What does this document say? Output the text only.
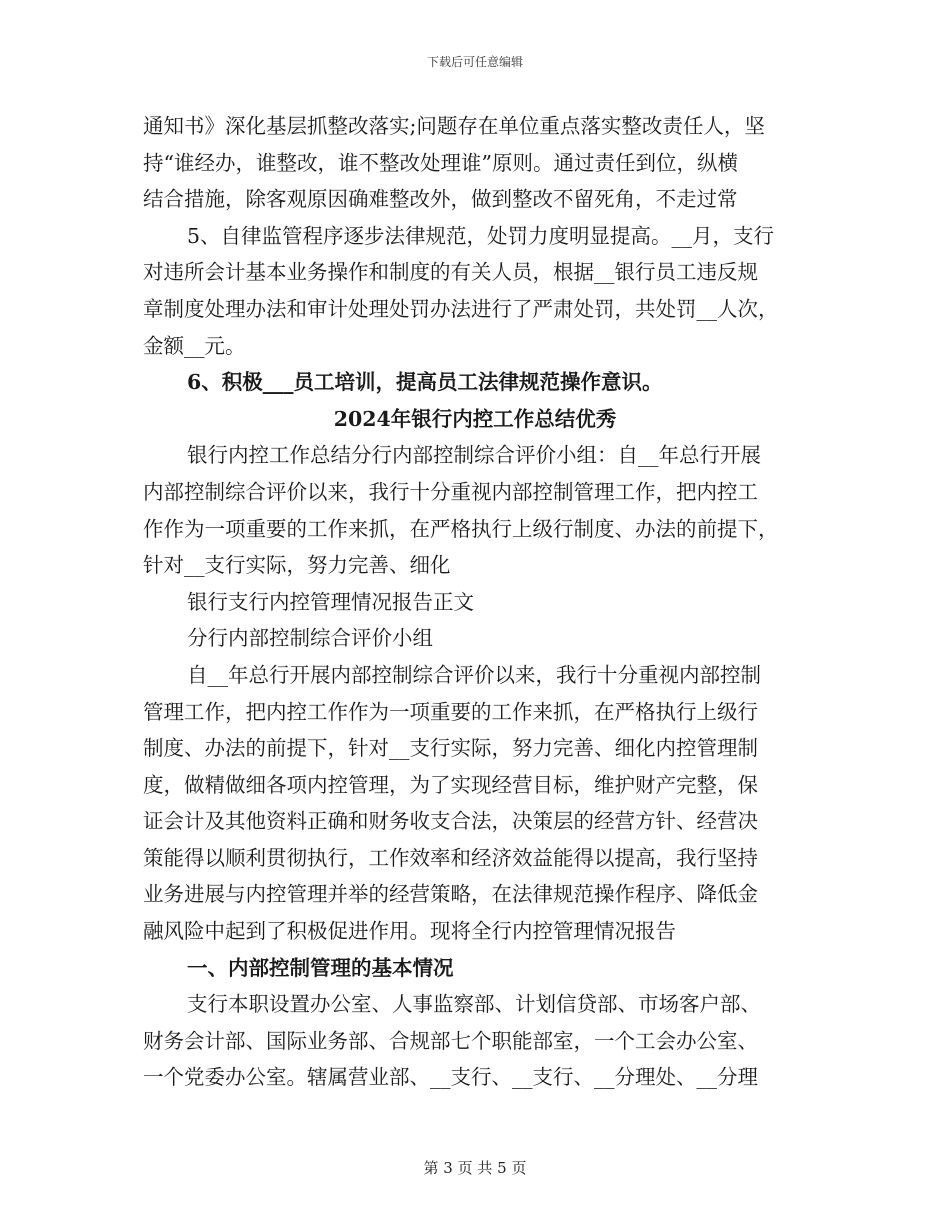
下载后可任意编辑
通知书》深化基层抓整改落实;问题存在单位重点落实整改责任人，坚
持“谁经办，谁整改，谁不整改处理谁”原则。通过责任到位，纵横
结合措施，除客观原因确难整改外，做到整改不留死角，不走过常
5、自律监管程序逐步法律规范，处罚力度明显提高。__月，支行
对违所会计基本业务操作和制度的有关人员，根据__银行员工违反规
章制度处理办法和审计处理处罚办法进行了严肃处罚，共处罚__人次，
金额__元。
6、积极___员工培训，提高员工法律规范操作意识。
2024年银行内控工作总结优秀
银行内控工作总结分行内部控制综合评价小组：自__年总行开展
内部控制综合评价以来，我行十分重视内部控制管理工作，把内控工
作作为一项重要的工作来抓，在严格执行上级行制度、办法的前提下，
针对__支行实际，努力完善、细化
银行支行内控管理情况报告正文
分行内部控制综合评价小组
自__年总行开展内部控制综合评价以来，我行十分重视内部控制
管理工作，把内控工作作为一项重要的工作来抓，在严格执行上级行
制度、办法的前提下，针对__支行实际，努力完善、细化内控管理制
度，做精做细各项内控管理，为了实现经营目标，维护财产完整，保
证会计及其他资料正确和财务收支合法，决策层的经营方针、经营决
策能得以顺利贯彻执行，工作效率和经济效益能得以提高，我行坚持
业务进展与内控管理并举的经营策略，在法律规范操作程序、降低金
融风险中起到了积极促进作用。现将全行内控管理情况报告
一、内部控制管理的基本情况
支行本职设置办公室、人事监察部、计划信贷部、市场客户部、
财务会计部、国际业务部、合规部七个职能部室，一个工会办公室、
一个党委办公室。辖属营业部、__支行、__支行、__分理处、__分理
第 3 页 共 5 页
